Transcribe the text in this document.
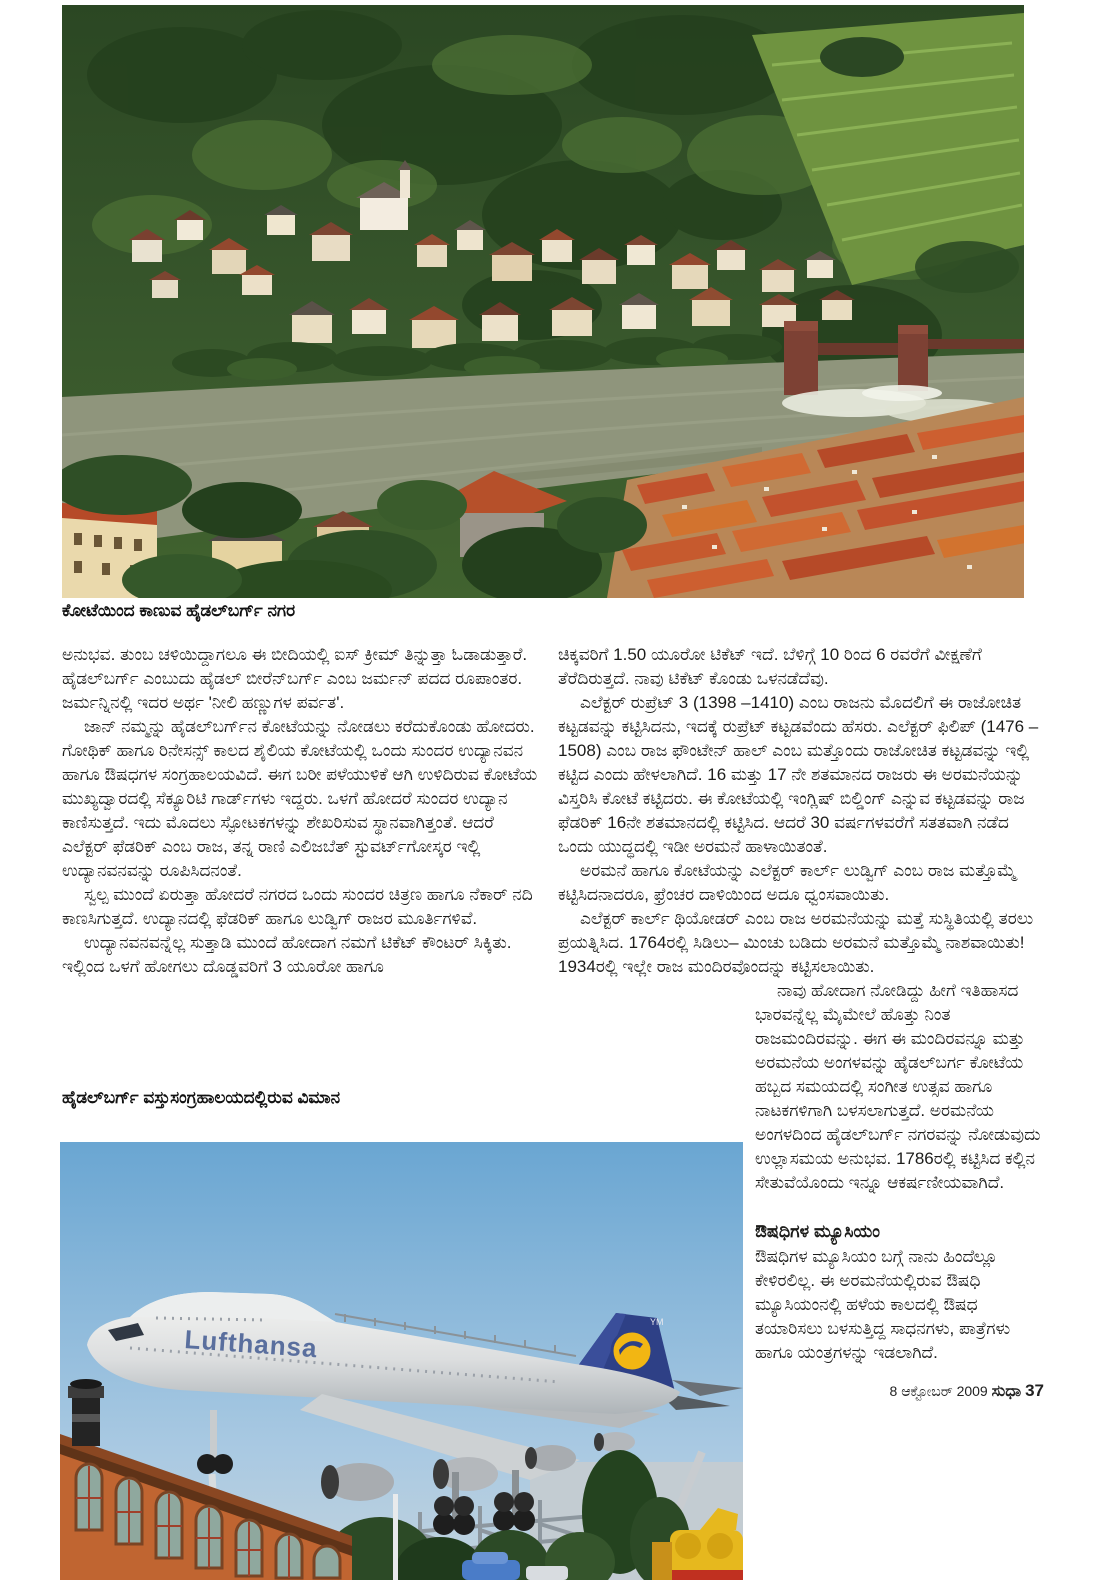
ಕೋಟೆಯಿಂದ ಕಾಣುವ ಹೈಡಲ್‌ಬರ್ಗ್ ನಗರ

ಅನುಭವ. ತುಂಬ ಚಳಿಯಿದ್ದಾಗಲೂ ಈ ಬೀದಿಯಲ್ಲಿ ಐಸ್ ಕ್ರೀಮ್ ತಿನ್ನುತ್ತಾ ಓಡಾಡುತ್ತಾರೆ. ಹೈಡಲ್‌ಬರ್ಗ್ ಎಂಬುದು ಹೈಡಲ್ ಬೀರೆನ್‌ಬರ್ಗ್ ಎಂಬ ಜರ್ಮನ್ ಪದದ ರೂಪಾಂತರ. ಜರ್ಮನ್ನಿನಲ್ಲಿ ಇದರ ಅರ್ಥ 'ನೀಲಿ ಹಣ್ಣುಗಳ ಪರ್ವತ'.

ಜಾನ್ ನಮ್ಮನ್ನು ಹೈಡಲ್‌ಬರ್ಗ್‌ನ ಕೋಟೆಯನ್ನು ನೋಡಲು ಕರೆದುಕೊಂಡು ಹೋದರು. ಗೋಥಿಕ್ ಹಾಗೂ ರಿನೇಸನ್ಸ್ ಕಾಲದ ಶೈಲಿಯ ಕೋಟೆಯಲ್ಲಿ ಒಂದು ಸುಂದರ ಉದ್ಯಾನವನ ಹಾಗೂ ಔಷಧಗಳ ಸಂಗ್ರಹಾಲಯವಿದೆ. ಈಗ ಬರೀ ಪಳೆಯುಳಿಕೆ ಆಗಿ ಉಳಿದಿರುವ ಕೋಟೆಯ ಮುಖ್ಯದ್ವಾರದಲ್ಲಿ ಸೆಕ್ಯೂರಿಟಿ ಗಾರ್ಡ್‌ಗಳು ಇದ್ದರು. ಒಳಗೆ ಹೋದರೆ ಸುಂದರ ಉದ್ಯಾನ ಕಾಣಿಸುತ್ತದೆ. ಇದು ಮೊದಲು ಸ್ಫೋಟಕಗಳನ್ನು ಶೇಖರಿಸುವ ಸ್ಥಾನವಾಗಿತ್ತಂತೆ. ಆದರೆ ಎಲೆಕ್ಟರ್ ಫೆಡರಿಕ್ ಎಂಬ ರಾಜ, ತನ್ನ ರಾಣಿ ಎಲಿಜಬೆತ್ ಸ್ಟುವರ್ಟ್‌ಗೋಸ್ಕರ ಇಲ್ಲಿ ಉದ್ಯಾನವನವನ್ನು ರೂಪಿಸಿದನಂತೆ.

ಸ್ವಲ್ಪ ಮುಂದೆ ಏರುತ್ತಾ ಹೋದರೆ ನಗರದ ಒಂದು ಸುಂದರ ಚಿತ್ರಣ ಹಾಗೂ ನೆಕಾರ್ ನದಿ ಕಾಣಸಿಗುತ್ತದೆ. ಉದ್ಯಾನದಲ್ಲಿ ಫೆಡರಿಕ್ ಹಾಗೂ ಲುಡ್ವಿಗ್ ರಾಜರ ಮೂರ್ತಿಗಳಿವೆ.

ಉದ್ಯಾನವನವನ್ನೆಲ್ಲ ಸುತ್ತಾಡಿ ಮುಂದೆ ಹೋದಾಗ ನಮಗೆ ಟಿಕೆಟ್ ಕೌಂಟರ್ ಸಿಕ್ಕಿತು. ಇಲ್ಲಿಂದ ಒಳಗೆ ಹೋಗಲು ದೊಡ್ಡವರಿಗೆ 3 ಯೂರೋ ಹಾಗೂ

ಹೈಡಲ್‌ಬರ್ಗ್ ವಸ್ತುಸಂಗ್ರಹಾಲಯದಲ್ಲಿರುವ ವಿಮಾನ

ಚಿಕ್ಕವರಿಗೆ 1.50 ಯೂರೋ ಟಿಕೆಟ್ ಇದೆ. ಬೆಳಿಗ್ಗೆ 10 ರಿಂದ 6 ರವರೆಗೆ ವೀಕ್ಷಣೆಗೆ ತೆರೆದಿರುತ್ತದೆ. ನಾವು ಟಿಕೆಟ್ ಕೊಂಡು ಒಳನಡೆದೆವು.

ಎಲೆಕ್ಟರ್ ರುಪ್ರೆಟ್ 3 (1398 –1410) ಎಂಬ ರಾಜನು ಮೊದಲಿಗೆ ಈ ರಾಜೋಚಿತ ಕಟ್ಟಡವನ್ನು ಕಟ್ಟಿಸಿದನು, ಇದಕ್ಕೆ ರುಪ್ರೆಟ್ ಕಟ್ಟಡವೆಂದು ಹೆಸರು. ಎಲೆಕ್ಟರ್ ಫಿಲಿಪ್ (1476 –1508) ಎಂಬ ರಾಜ ಫೌಂಟೇನ್ ಹಾಲ್ ಎಂಬ ಮತ್ತೊಂದು ರಾಜೋಚಿತ ಕಟ್ಟಡವನ್ನು ಇಲ್ಲಿ ಕಟ್ಟಿದ ಎಂದು ಹೇಳಲಾಗಿದೆ. 16 ಮತ್ತು 17 ನೇ ಶತಮಾನದ ರಾಜರು ಈ ಅರಮನೆಯನ್ನು ವಿಸ್ತರಿಸಿ ಕೋಟೆ ಕಟ್ಟಿದರು. ಈ ಕೋಟೆಯಲ್ಲಿ ಇಂಗ್ಲಿಷ್ ಬಿಲ್ಡಿಂಗ್ ಎನ್ನುವ ಕಟ್ಟಡವನ್ನು ರಾಜ ಫೆಡರಿಕ್ 16ನೇ ಶತಮಾನದಲ್ಲಿ ಕಟ್ಟಿಸಿದ. ಆದರೆ 30 ವರ್ಷಗಳವರೆಗೆ ಸತತವಾಗಿ ನಡೆದ ಒಂದು ಯುದ್ಧದಲ್ಲಿ ಇಡೀ ಅರಮನೆ ಹಾಳಾಯಿತಂತೆ.

ಅರಮನೆ ಹಾಗೂ ಕೋಟೆಯನ್ನು ಎಲೆಕ್ಟರ್ ಕಾರ್ಲ್ ಲುಡ್ವಿಗ್ ಎಂಬ ರಾಜ ಮತ್ತೊಮ್ಮೆ ಕಟ್ಟಿಸಿದನಾದರೂ, ಫ್ರೆಂಚರ ದಾಳಿಯಿಂದ ಅದೂ ಧ್ವಂಸವಾಯಿತು.

ಎಲೆಕ್ಟರ್ ಕಾರ್ಲ್ ಥಿಯೋಡರ್ ಎಂಬ ರಾಜ ಅರಮನೆಯನ್ನು ಮತ್ತೆ ಸುಸ್ಥಿತಿಯಲ್ಲಿ ತರಲು ಪ್ರಯತ್ನಿಸಿದ. 1764ರಲ್ಲಿ ಸಿಡಿಲು– ಮಿಂಚು ಬಡಿದು ಅರಮನೆ ಮತ್ತೊಮ್ಮೆ ನಾಶವಾಯಿತು! 1934ರಲ್ಲಿ ಇಲ್ಲೇ ರಾಜ ಮಂದಿರವೊಂದನ್ನು ಕಟ್ಟಿಸಲಾಯಿತು.

ನಾವು ಹೋದಾಗ ನೋಡಿದ್ದು ಹೀಗೆ ಇತಿಹಾಸದ ಭಾರವನ್ನೆಲ್ಲ ಮೈಮೇಲೆ ಹೊತ್ತು ನಿಂತ ರಾಜಮಂದಿರವನ್ನು. ಈಗ ಈ ಮಂದಿರವನ್ನೂ ಮತ್ತು ಅರಮನೆಯ ಅಂಗಳವನ್ನು ಹೈಡಲ್‌ಬರ್ಗ ಕೋಟೆಯ ಹಬ್ಬದ ಸಮಯದಲ್ಲಿ ಸಂಗೀತ ಉತ್ಸವ ಹಾಗೂ ನಾಟಕಗಳಿಗಾಗಿ ಬಳಸಲಾಗುತ್ತದೆ. ಅರಮನೆಯ ಅಂಗಳದಿಂದ ಹೈಡಲ್‌ಬರ್ಗ್ ನಗರವನ್ನು ನೋಡುವುದು ಉಲ್ಲಾಸಮಯ ಅನುಭವ. 1786ರಲ್ಲಿ ಕಟ್ಟಿಸಿದ ಕಲ್ಲಿನ ಸೇತುವೆಯೊಂದು ಇನ್ನೂ ಆಕರ್ಷಣೀಯವಾಗಿದೆ.

ಔಷಧಿಗಳ ಮ್ಯೂಸಿಯಂ

ಔಷಧಿಗಳ ಮ್ಯೂಸಿಯಂ ಬಗ್ಗೆ ನಾನು ಹಿಂದೆಲ್ಲೂ ಕೇಳಿರಲಿಲ್ಲ. ಈ ಅರಮನೆಯಲ್ಲಿರುವ ಔಷಧಿ ಮ್ಯೂಸಿಯಂನಲ್ಲಿ ಹಳೆಯ ಕಾಲದಲ್ಲಿ ಔಷಧ ತಯಾರಿಸಲು ಬಳಸುತ್ತಿದ್ದ ಸಾಧನಗಳು, ಪಾತ್ರೆಗಳು ಹಾಗೂ ಯಂತ್ರಗಳನ್ನು ಇಡಲಾಗಿದೆ.

8 ಆಕ್ಟೋಬರ್ 2009 ಸುಧಾ 37
YM
Lufthansa
